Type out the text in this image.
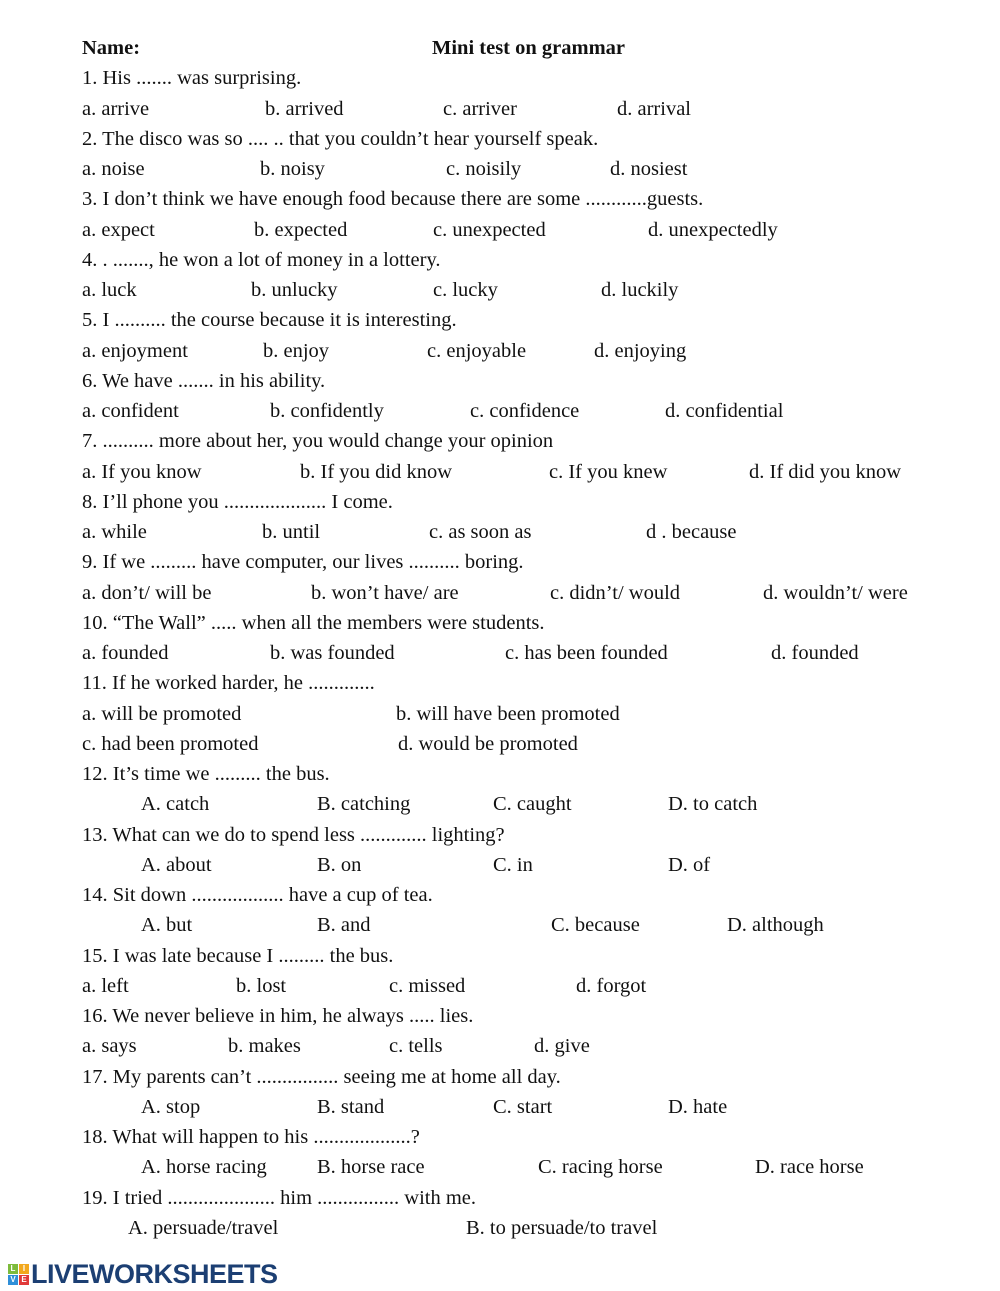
Name:	Mini test on grammar
1. His ....... was surprising.
a. arrive	b. arrived	c. arriver	d. arrival
2. The disco was so .... .. that you couldn’t hear yourself speak.
a. noise	b. noisy	c. noisily	d. nosiest
3. I don’t think we have enough food because there are some ............guests.
a. expect	b. expected	c. unexpected	d. unexpectedly
4. . ......., he won a lot of money in a lottery.
a. luck	b. unlucky	c. lucky	d. luckily
5. I .......... the course because it is interesting.
a. enjoyment	b. enjoy	c. enjoyable	d. enjoying
6. We have ....... in his ability.
a. confident	b. confidently	c. confidence	d. confidential
7. .......... more about her, you would change your opinion
a. If you know	b. If you did know	c. If you knew	d. If did you know
8. I’ll phone you .................... I come.
a. while	b. until	c. as soon as	d . because
9. If we ......... have computer, our lives .......... boring.
a. don’t/ will be	b. won’t have/ are	c. didn’t/ would	d. wouldn’t/ were
10. “The Wall” ..... when all the members were students.
a. founded	b. was founded	c. has been founded	d. founded
11. If he worked harder, he .............
a. will be promoted	b. will have been promoted
c. had been promoted	d. would be promoted
12. It’s time we ......... the bus.
A. catch	B. catching	C. caught	D. to catch
13. What can we do to spend less ............. lighting?
A. about	B. on	C. in	D. of
14. Sit down .................. have a cup of tea.
A. but	B. and	C. because	D. although
15. I was late because I ......... the bus.
a. left	b. lost	c. missed	d. forgot
16. We never believe in him, he always ..... lies.
a. says	b. makes	c. tells	d. give
17. My parents can’t ................ seeing me at home all day.
A. stop	B. stand	C. start	D. hate
18. What will happen to his ...................?
A. horse racing B. horse race	C. racing horse	D. race horse
19. I tried ..................... him ................ with me.
A. persuade/travel	B. to persuade/to travel
L I
V E LIVEWORKSHEETS
